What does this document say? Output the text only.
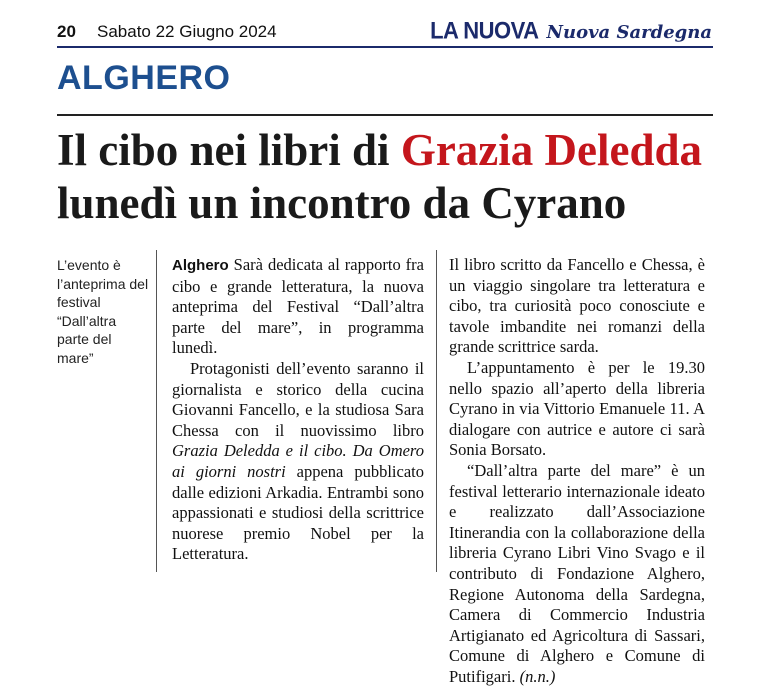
20 Sabato 22 Giugno 2024	LA NUOVA Nuova Sardegna
ALGHERO
Il cibo nei libri di Grazia Deledda
lunedì un incontro da Cyrano
L’evento è l’anteprima del festival “Dall’altra parte del mare”

Alghero Sarà dedicata al rapporto fra cibo e grande letteratura, la nuova anteprima del Festival “Dall’altra parte del mare”, in programma lunedì.

Protagonisti dell’evento saranno il giornalista e storico della cucina Giovanni Fancello, e la studiosa Sara Chessa con il nuovissimo libro Grazia Deledda e il cibo. Da Omero ai giorni nostri appena pubblicato dalle edizioni Arkadia. Entrambi sono appassionati e studiosi della scrittrice nuorese premio Nobel per la Letteratura.

Il libro scritto da Fancello e Chessa, è un viaggio singolare tra letteratura e cibo, tra curiosità poco conosciute e tavole imbandite nei romanzi della grande scrittrice sarda.

L’appuntamento è per le 19.30 nello spazio all’aperto della libreria Cyrano in via Vittorio Emanuele 11. A dialogare con autrice e autore ci sarà Sonia Borsato.

“Dall’altra parte del mare” è un festival letterario internazionale ideato e realizzato dall’Associazione Itinerandia con la collaborazione della libreria Cyrano Libri Vino Svago e il contributo di Fondazione Alghero, Regione Autonoma della Sardegna, Camera di Commercio Industria Artigianato ed Agricoltura di Sassari, Comune di Alghero e Comune di Putifigari. (n.n.)
